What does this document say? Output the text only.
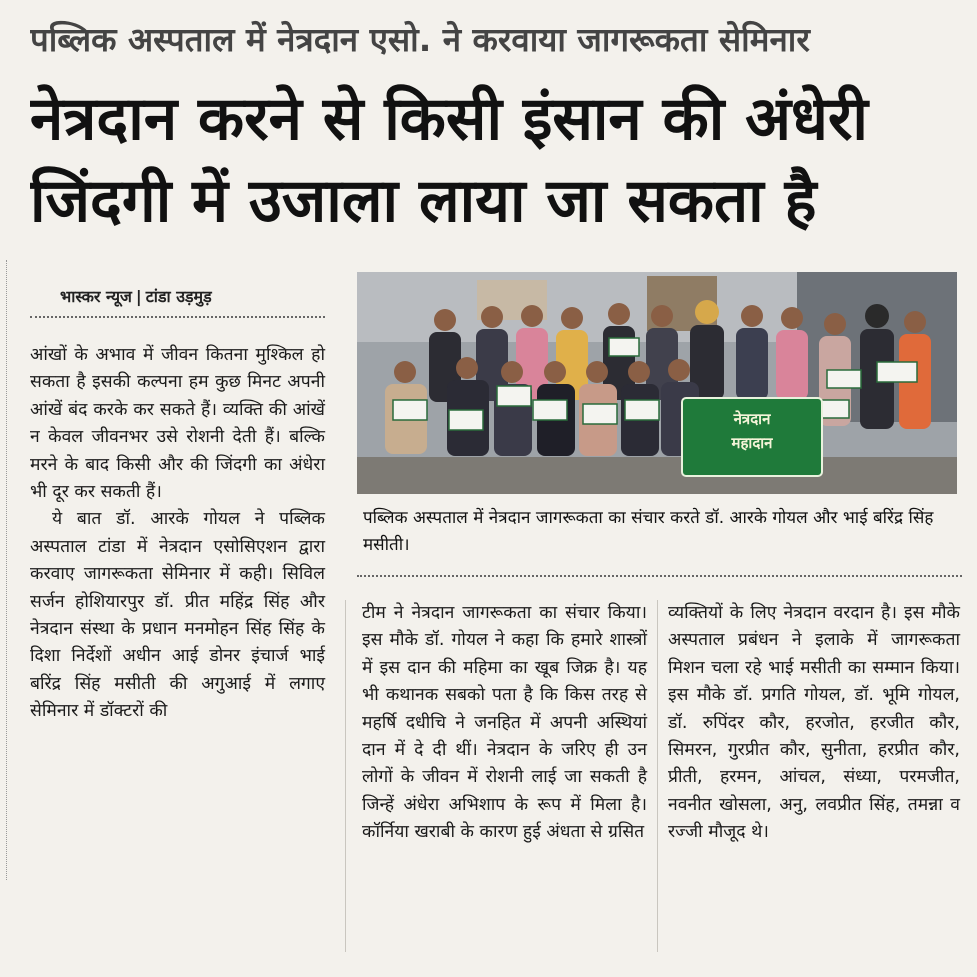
पब्लिक अस्पताल में नेत्रदान एसो. ने करवाया जागरूकता सेमिनार
नेत्रदान करने से किसी इंसान की अंधेरी
जिंदगी में उजाला लाया जा सकता है
भास्कर न्यूज | टांडा उड़मुड़
नेत्रदान
महादान
पब्लिक अस्पताल में नेत्रदान जागरूकता का संचार करते डॉ. आरके गोयल और भाई बरिंद्र सिंह मसीती।

आंखों के अभाव में जीवन कितना मुश्किल हो सकता है इसकी कल्पना हम कुछ मिनट अपनी आंखें बंद करके कर सकते हैं। व्यक्ति की आंखें न केवल जीवनभर उसे रोशनी देती हैं। बल्कि मरने के बाद किसी और की जिंदगी का अंधेरा भी दूर कर सकती हैं।

ये बात डॉ. आरके गोयल ने पब्लिक अस्पताल टांडा में नेत्रदान एसोसिएशन द्वारा करवाए जागरूकता सेमिनार में कही। सिविल सर्जन होशियारपुर डॉ. प्रीत महिंद्र सिंह और नेत्रदान संस्था के प्रधान मनमोहन सिंह सिंह के दिशा निर्देशों अधीन आई डोनर इंचार्ज भाई बरिंद्र सिंह मसीती की अगुआई में लगाए सेमिनार में डॉक्टरों की

टीम ने नेत्रदान जागरूकता का संचार किया। इस मौके डॉ. गोयल ने कहा कि हमारे शास्त्रों में इस दान की महिमा का खूब जिक्र है। यह भी कथानक सबको पता है कि किस तरह से महर्षि दधीचि ने जनहित में अपनी अस्थियां दान में दे दी थीं। नेत्रदान के जरिए ही उन लोगों के जीवन में रोशनी लाई जा सकती है जिन्हें अंधेरा अभिशाप के रूप में मिला है। कॉर्निया खराबी के कारण हुई अंधता से ग्रसित

व्यक्तियों के लिए नेत्रदान वरदान है। इस मौके अस्पताल प्रबंधन ने इलाके में जागरूकता मिशन चला रहे भाई मसीती का सम्मान किया। इस मौके डॉ. प्रगति गोयल, डॉ. भूमि गोयल, डॉ. रुपिंदर कौर, हरजोत, हरजीत कौर, सिमरन, गुरप्रीत कौर, सुनीता, हरप्रीत कौर, प्रीती, हरमन, आंचल, संध्या, परमजीत, नवनीत खोसला, अनु, लवप्रीत सिंह, तमन्ना व रज्जी मौजूद थे।
